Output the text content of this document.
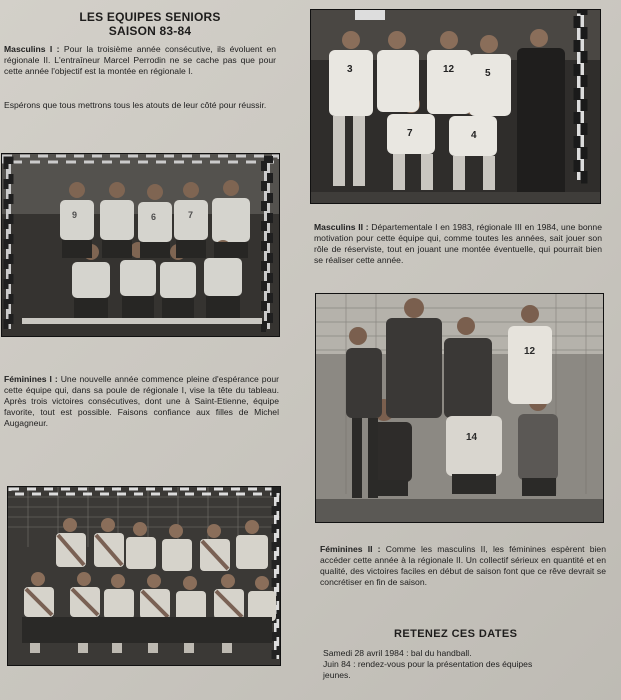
LES EQUIPES SENIORS
SAISON 83-84
Masculins I : Pour la troisième année consécutive, ils évoluent en régionale II. L'entraîneur Marcel Perrodin ne se cache pas que pour cette année l'objectif est la montée en régionale I.
Espérons que tous mettrons tous les atouts de leur côté pour réussir.
9	6	7
Féminines I : Une nouvelle année commence pleine d'espérance pour cette équipe qui, dans sa poule de régionale I, vise la tête du tableau. Après trois victoires consécutives, dont une à Saint-Etienne, équipe favorite, tout est possible. Faisons confiance aux filles de Michel Augagneur.
3	12	5
7	4
Masculins II : Départementale I en 1983, régionale III en 1984, une bonne motivation pour cette équipe qui, comme toutes les années, sait jouer son rôle de réserviste, tout en jouant une montée éventuelle, qui pourrait bien se réaliser cette année.
12
14
Féminines II : Comme les masculins II, les féminines espèrent bien accéder cette année à la régionale II. Un collectif sérieux en quantité et en qualité, des victoires faciles en début de saison font que ce rêve devrait se concrétiser en fin de saison.
RETENEZ CES DATES
Samedi 28 avril 1984 : bal du handball.
Juin 84 : rendez-vous pour la présentation des équipes
jeunes.
